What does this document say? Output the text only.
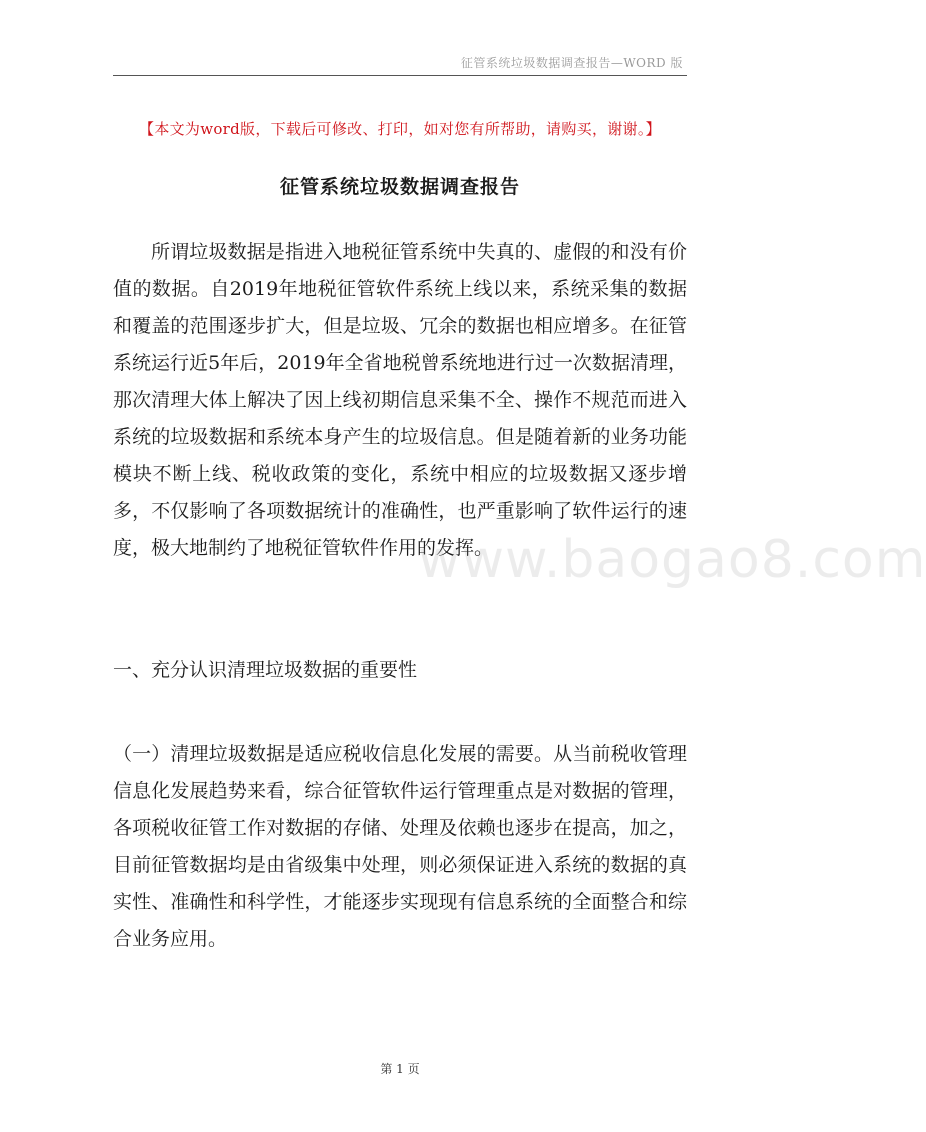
征管系统垃圾数据调查报告—WORD 版
【本文为word版，下载后可修改、打印，如对您有所帮助，请购买，谢谢。】
征管系统垃圾数据调查报告

所谓垃圾数据是指进入地税征管系统中失真的、虚假的和没有价值的数据。自2019年地税征管软件系统上线以来，系统采集的数据和覆盖的范围逐步扩大，但是垃圾、冗余的数据也相应增多。在征管系统运行近5年后，2019年全省地税曾系统地进行过一次数据清理，那次清理大体上解决了因上线初期信息采集不全、操作不规范而进入系统的垃圾数据和系统本身产生的垃圾信息。但是随着新的业务功能模块不断上线、税收政策的变化，系统中相应的垃圾数据又逐步增多，不仅影响了各项数据统计的准确性，也严重影响了软件运行的速度，极大地制约了地税征管软件作用的发挥。

一、充分认识清理垃圾数据的重要性

（一）清理垃圾数据是适应税收信息化发展的需要。从当前税收管理信息化发展趋势来看，综合征管软件运行管理重点是对数据的管理，各项税收征管工作对数据的存储、处理及依赖也逐步在提高，加之，目前征管数据均是由省级集中处理，则必须保证进入系统的数据的真实性、准确性和科学性，才能逐步实现现有信息系统的全面整合和综合业务应用。

www.baogao8.com
第 1 页
